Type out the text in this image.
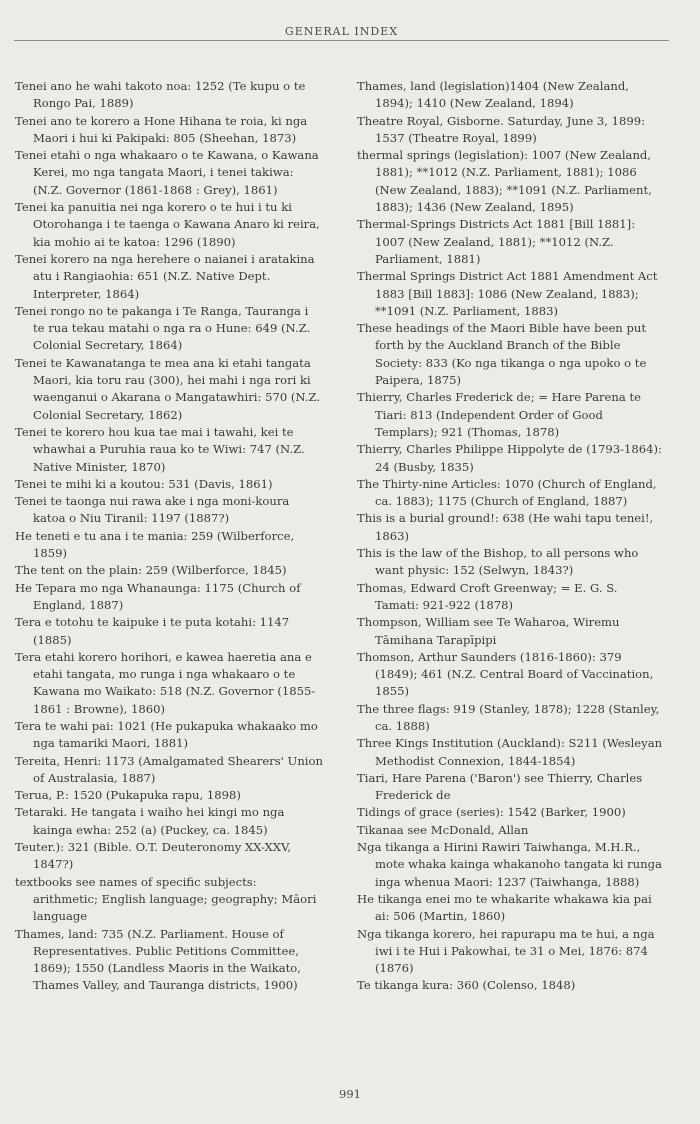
GENERAL INDEX

Tenei ano he wahi takoto noa: 1252 (Te kupu o te Rongo Pai, 1889)

Tenei ano te korero a Hone Hihana te roia, ki nga Maori i hui ki Pakipaki: 805 (Sheehan, 1873)

Tenei etahi o nga whakaaro o te Kawana, o Kawana Kerei, mo nga tangata Maori, i tenei takiwa: (N.Z. Governor (1861-1868 : Grey), 1861)

Tenei ka panuitia nei nga korero o te hui i tu ki Otorohanga i te taenga o Kawana Anaro ki reira, kia mohio ai te katoa: 1296 (1890)

Tenei korero na nga herehere o naianei i aratakina atu i Rangiaohia: 651 (N.Z. Native Dept. Interpreter, 1864)

Tenei rongo no te pakanga i Te Ranga, Tauranga i te rua tekau matahi o nga ra o Hune: 649 (N.Z. Colonial Secretary, 1864)

Tenei te Kawanatanga te mea ana ki etahi tangata Maori, kia toru rau (300), hei mahi i nga rori ki waenganui o Akarana o Mangatawhiri: 570 (N.Z. Colonial Secretary, 1862)

Tenei te korero hou kua tae mai i tawahi, kei te whawhai a Puruhia raua ko te Wiwi: 747 (N.Z. Native Minister, 1870)

Tenei te mihi ki a koutou: 531 (Davis, 1861)

Tenei te taonga nui rawa ake i nga moni-koura katoa o Niu Tiranil: 1197 (1887?)

He teneti e tu ana i te mania: 259 (Wilberforce, 1859)

The tent on the plain: 259 (Wilberforce, 1845)

He Tepara mo nga Whanaunga: 1175 (Church of England, 1887)

Tera e totohu te kaipuke i te puta kotahi: 1147 (1885)

Tera etahi korero horihori, e kawea haeretia ana e etahi tangata, mo runga i nga whakaaro o te Kawana mo Waikato: 518 (N.Z. Governor (1855-1861 : Browne), 1860)

Tera te wahi pai: 1021 (He pukapuka whakaako mo nga tamariki Maori, 1881)

Tereita, Henri: 1173 (Amalgamated Shearers' Union of Australasia, 1887)

Terua, P.: 1520 (Pukapuka rapu, 1898)

Tetaraki. He tangata i waiho hei kingi mo nga kainga ewha: 252 (a) (Puckey, ca. 1845)

Teuter.): 321 (Bible. O.T. Deuteronomy XX-XXV, 1847?)

textbooks see names of specific subjects: arithmetic; English language; geography; Māori language

Thames, land: 735 (N.Z. Parliament. House of Representatives. Public Petitions Committee, 1869); 1550 (Landless Maoris in the Waikato, Thames Valley, and Tauranga districts, 1900)

Thames, land (legislation)1404 (New Zealand, 1894); 1410 (New Zealand, 1894)

Theatre Royal, Gisborne. Saturday, June 3, 1899: 1537 (Theatre Royal, 1899)

thermal springs (legislation): 1007 (New Zealand, 1881); **1012 (N.Z. Parliament, 1881); 1086 (New Zealand, 1883); **1091 (N.Z. Parliament, 1883); 1436 (New Zealand, 1895)

Thermal-Springs Districts Act 1881 [Bill 1881]: 1007 (New Zealand, 1881); **1012 (N.Z. Parliament, 1881)

Thermal Springs District Act 1881 Amendment Act 1883 [Bill 1883]: 1086 (New Zealand, 1883); **1091 (N.Z. Parliament, 1883)

These headings of the Maori Bible have been put forth by the Auckland Branch of the Bible Society: 833 (Ko nga tikanga o nga upoko o te Paipera, 1875)

Thierry, Charles Frederick de; = Hare Parena te Tiari: 813 (Independent Order of Good Templars); 921 (Thomas, 1878)

Thierry, Charles Philippe Hippolyte de (1793-1864): 24 (Busby, 1835)

The Thirty-nine Articles: 1070 (Church of England, ca. 1883); 1175 (Church of England, 1887)

This is a burial ground!: 638 (He wahi tapu tenei!, 1863)

This is the law of the Bishop, to all persons who want physic: 152 (Selwyn, 1843?)

Thomas, Edward Croft Greenway; = E. G. S. Tamati: 921-922 (1878)

Thompson, William see Te Waharoa, Wiremu Tāmihana Tarapīpipi

Thomson, Arthur Saunders (1816-1860): 379 (1849); 461 (N.Z. Central Board of Vaccination, 1855)

The three flags: 919 (Stanley, 1878); 1228 (Stanley, ca. 1888)

Three Kings Institution (Auckland): S211 (Wesleyan Methodist Connexion, 1844-1854)

Tiari, Hare Parena ('Baron') see Thierry, Charles Frederick de

Tidings of grace (series): 1542 (Barker, 1900)

Tikanaa see McDonald, Allan

Nga tikanga a Hirini Rawiri Taiwhanga, M.H.R., mote whaka kainga whakanoho tangata ki runga inga whenua Maori: 1237 (Taiwhanga, 1888)

He tikanga enei mo te whakarite whakawa kia pai ai: 506 (Martin, 1860)

Nga tikanga korero, hei rapurapu ma te hui, a nga iwi i te Hui i Pakowhai, te 31 o Mei, 1876: 874 (1876)

Te tikanga kura: 360 (Colenso, 1848)

991
